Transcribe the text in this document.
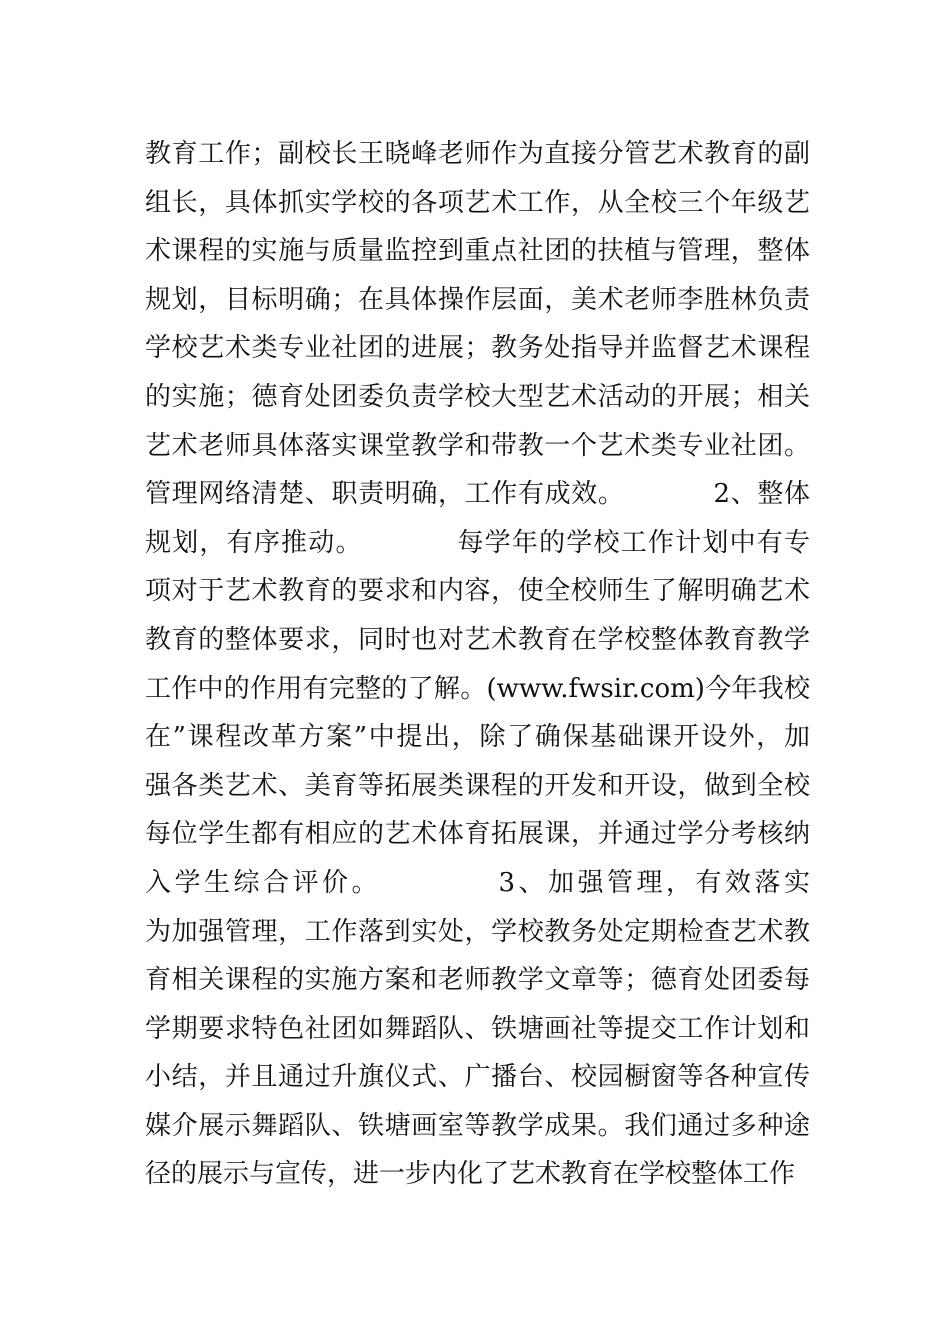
教育工作；副校长王晓峰老师作为直接分管艺术教育的副
组长，具体抓实学校的各项艺术工作，从全校三个年级艺
术课程的实施与质量监控到重点社团的扶植与管理，整体
规划，目标明确；在具体操作层面，美术老师李胜林负责
学校艺术类专业社团的进展；教务处指导并监督艺术课程
的实施；德育处团委负责学校大型艺术活动的开展；相关
艺术老师具体落实课堂教学和带教一个艺术类专业社团。
管理网络清楚、职责明确，工作有成效。          2、整体
规划，有序推动。          每学年的学校工作计划中有专
项对于艺术教育的要求和内容，使全校师生了解明确艺术
教育的整体要求，同时也对艺术教育在学校整体教育教学
工作中的作用有完整的了解。(www.fwsir.com)今年我校
在”课程改革方案”中提出，除了确保基础课开设外，加
强各类艺术、美育等拓展类课程的开发和开设，做到全校
每位学生都有相应的艺术体育拓展课，并通过学分考核纳
入学生综合评价。          3、加强管理，有效落实
为加强管理，工作落到实处，学校教务处定期检查艺术教
育相关课程的实施方案和老师教学文章等；德育处团委每
学期要求特色社团如舞蹈队、铁塘画社等提交工作计划和
小结，并且通过升旗仪式、广播台、校园橱窗等各种宣传
媒介展示舞蹈队、铁塘画室等教学成果。我们通过多种途
径的展示与宣传，进一步内化了艺术教育在学校整体工作
